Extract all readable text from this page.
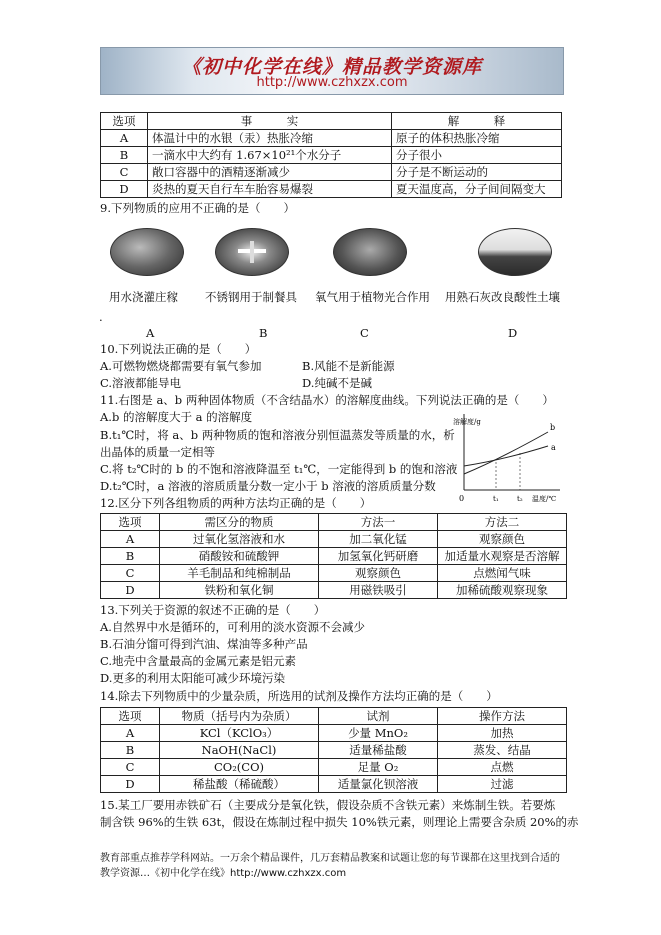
《初中化学在线》精品教学资源库
http://www.czhxzx.com
选项	事　　　实	解　　　释
A	体温计中的水银（汞）热胀冷缩	原子的体积热胀冷缩
B	一滴水中大约有 1.67×10²¹个水分子	分子很小
C	敞口容器中的酒精逐渐减少	分子是不断运动的
D	炎热的夏天自行车车胎容易爆裂	夏天温度高，分子间间隔变大
9.下列物质的应用不正确的是（　　）
用水浇灌庄稼 不锈钢用于制餐具 氧气用于植物光合作用 用熟石灰改良酸性土壤
.
A	B	C	D
10.下列说法正确的是（　　）
A.可燃物燃烧都需要有氧气参加	B.风能不是新能源
C.溶液都能导电	D.纯碱不是碱
11.右图是 a、b 两种固体物质（不含结晶水）的溶解度曲线。下列说法正确的是（　　）
A.b 的溶解度大于 a 的溶解度
B.t₁℃时，将 a、b 两种物质的饱和溶液分别恒温蒸发等质量的水，析
出晶体的质量一定相等
C.将 t₂℃时的 b 的不饱和溶液降温至 t₁℃，一定能得到 b 的饱和溶液
D.t₂℃时，a 溶液的溶质质量分数一定小于 b 溶液的溶质质量分数
溶解度/g
温度/℃
0	t₁	t₂
a
b
12.区分下列各组物质的两种方法均正确的是（　　）
选项	需区分的物质	方法一	方法二
A	过氧化氢溶液和水	加二氧化锰	观察颜色
B	硝酸铵和硫酸钾	加氢氧化钙研磨	加适量水观察是否溶解
C	羊毛制品和纯棉制品	观察颜色	点燃闻气味
D	铁粉和氧化铜	用磁铁吸引	加稀硫酸观察现象
13.下列关于资源的叙述不正确的是（　　）
A.自然界中水是循环的，可利用的淡水资源不会减少
B.石油分馏可得到汽油、煤油等多种产品
C.地壳中含量最高的金属元素是铝元素
D.更多的利用太阳能可减少环境污染
14.除去下列物质中的少量杂质，所选用的试剂及操作方法均正确的是（　　）
选项	物质（括号内为杂质）	试剂	操作方法
A	KCl（KClO₃）	少量 MnO₂	加热
B	NaOH(NaCl)	适量稀盐酸	蒸发、结晶
C	CO₂(CO)	足量 O₂	点燃
D	稀盐酸（稀硫酸）	适量氯化钡溶液	过滤
15.某工厂要用赤铁矿石（主要成分是氧化铁，假设杂质不含铁元素）来炼制生铁。若要炼
制含铁 96%的生铁 63t，假设在炼制过程中损失 10%铁元素，则理论上需要含杂质 20%的赤
教育部重点推荐学科网站。一万余个精品课件，几万套精品教案和试题让您的每节课都在这里找到合适的
教学资源…《初中化学在线》http://www.czhxzx.com
